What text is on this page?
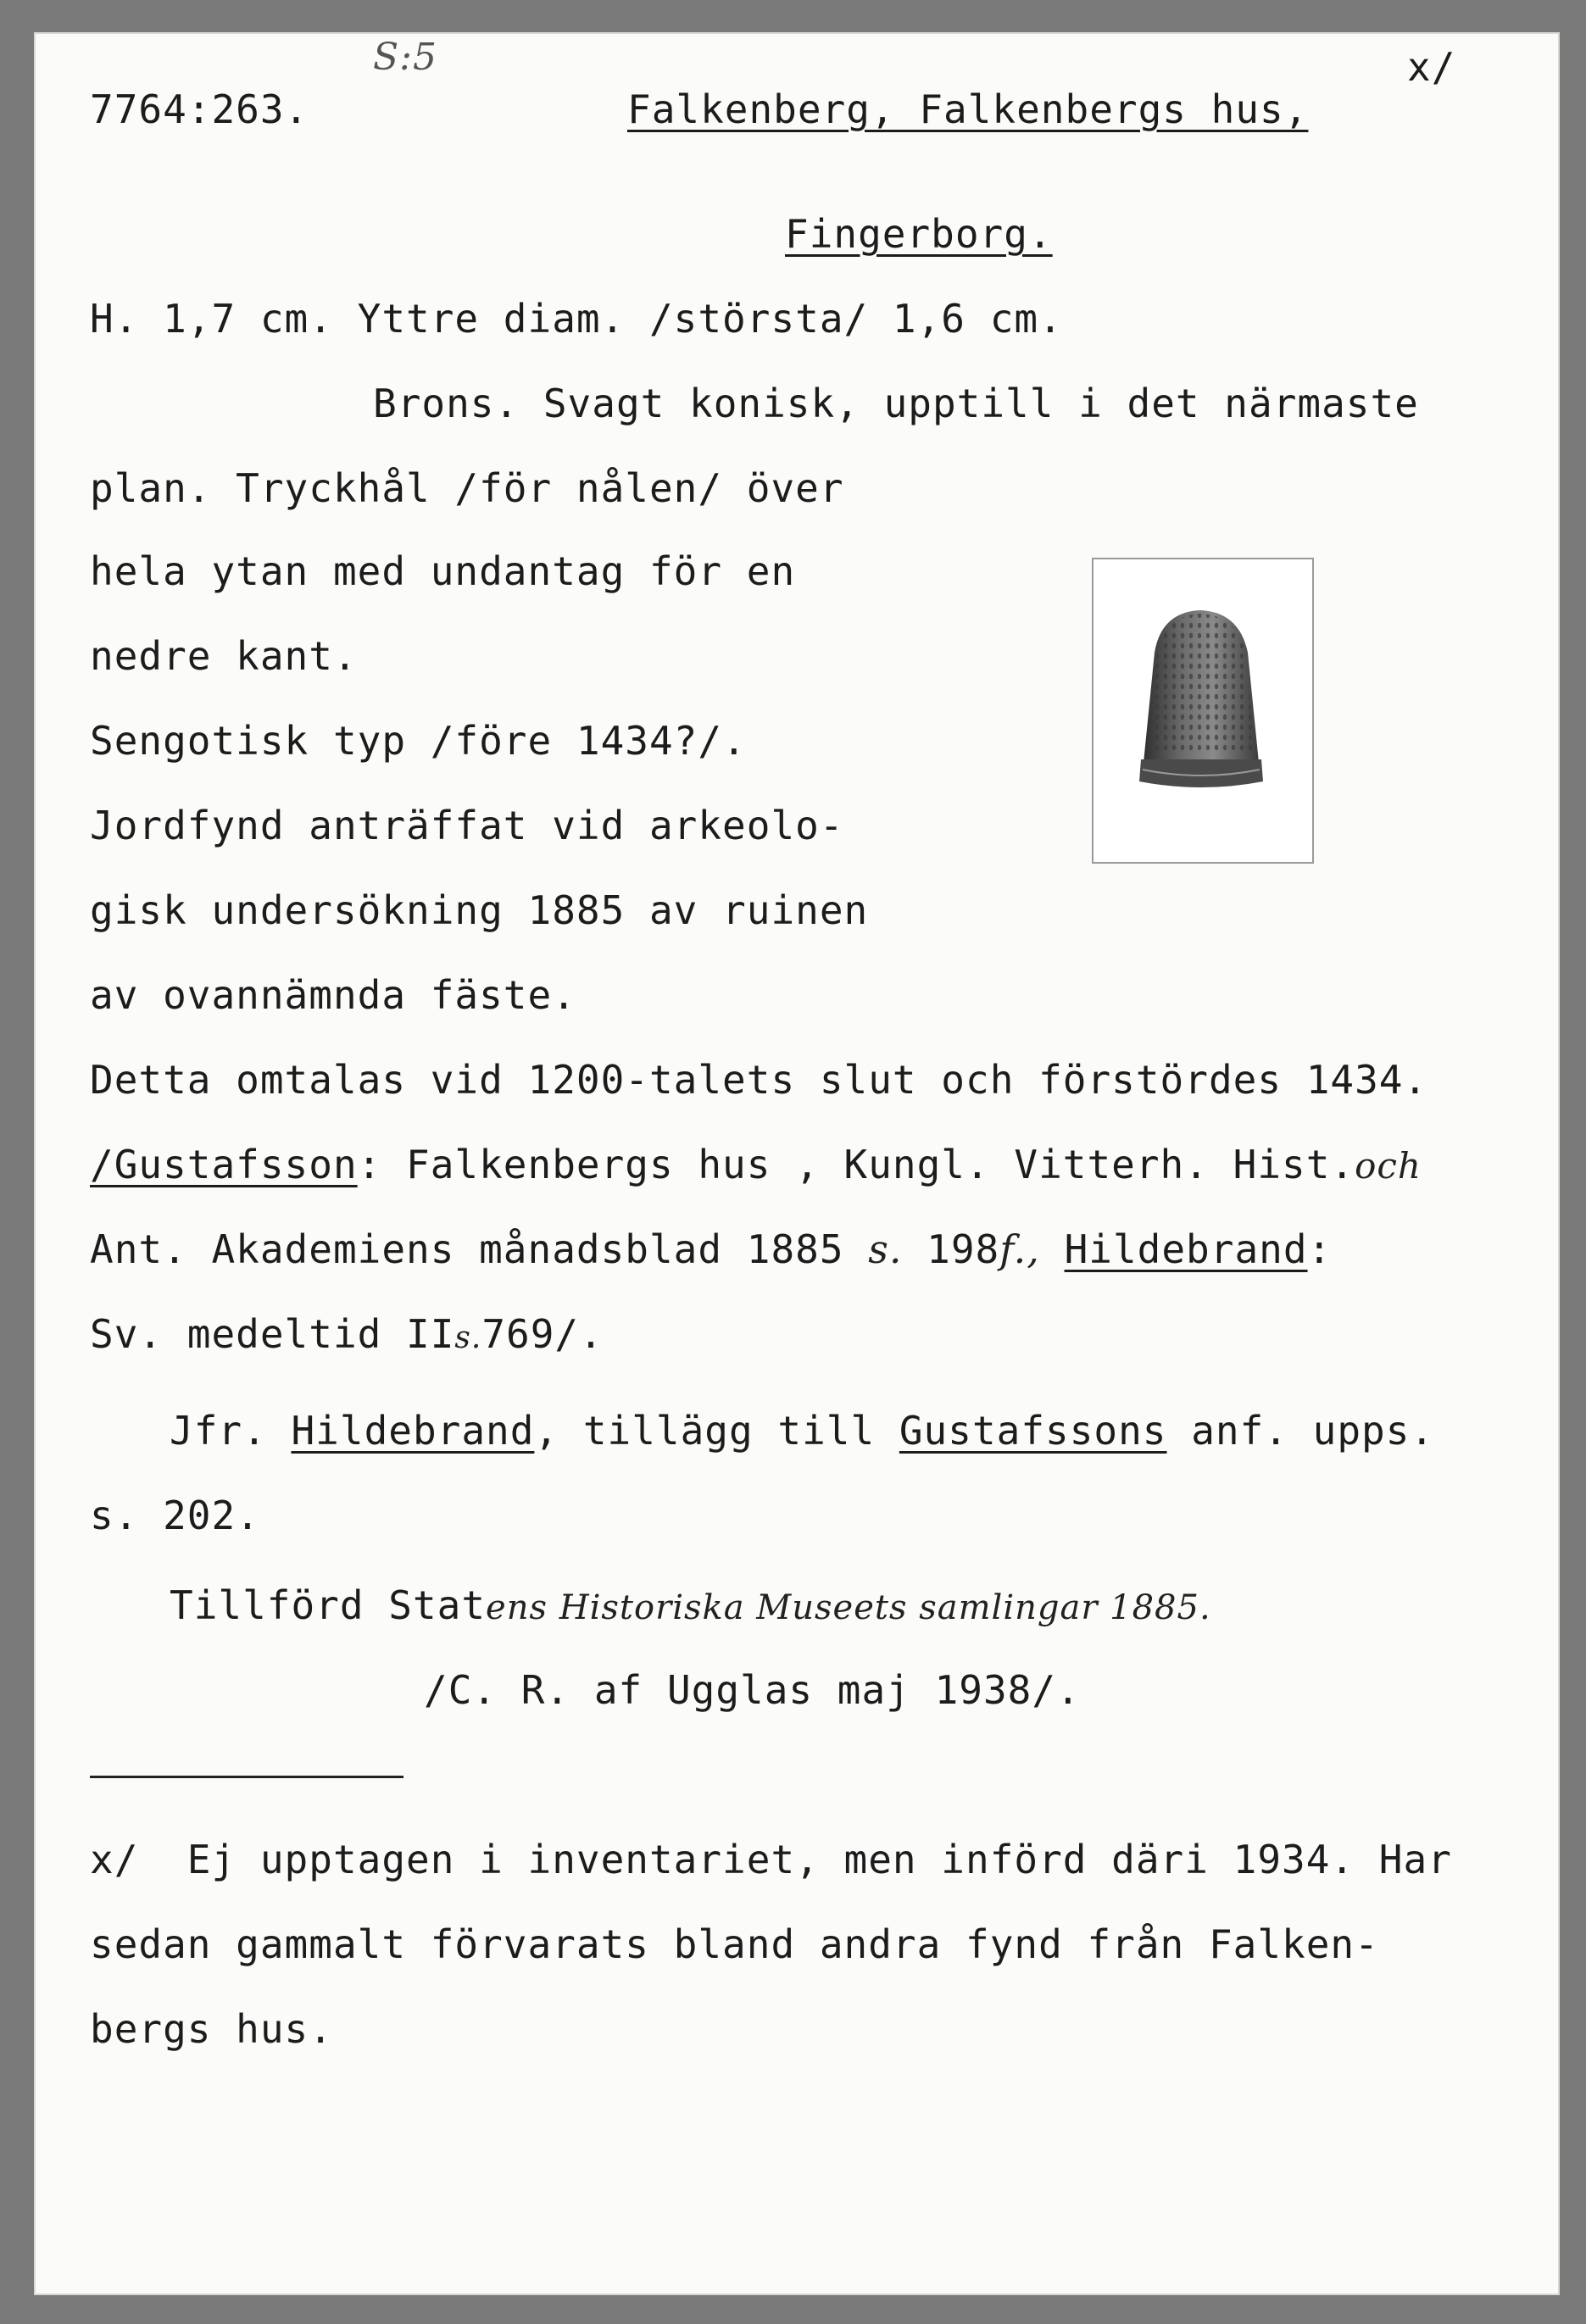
S:5	x/
7764:263.	Falkenberg, Falkenbergs hus,
Fingerborg.
H. 1,7 cm. Yttre diam. /största/ 1,6 cm.
Brons. Svagt konisk, upptill i det närmaste
plan. Tryckhål /för nålen/ över
hela ytan med undantag för en
nedre kant.
Sengotisk typ /före 1434?/.
Jordfynd anträffat vid arkeolo-
gisk undersökning 1885 av ruinen
av ovannämnda fäste.
Detta omtalas vid 1200-talets slut och förstördes 1434.
/Gustafsson: Falkenbergs hus , Kungl. Vitterh. Hist.och
Ant. Akademiens månadsblad 1885 s. 198f., Hildebrand:
Sv. medeltid IIs.769/.
Jfr. Hildebrand, tillägg till Gustafssons anf. upps.
s. 202.
Tillförd Statens Historiska Museets samlingar 1885.
/C. R. af Ugglas maj 1938/.
x/  Ej upptagen i inventariet, men införd däri 1934. Har
sedan gammalt förvarats bland andra fynd från Falken-
bergs hus.
